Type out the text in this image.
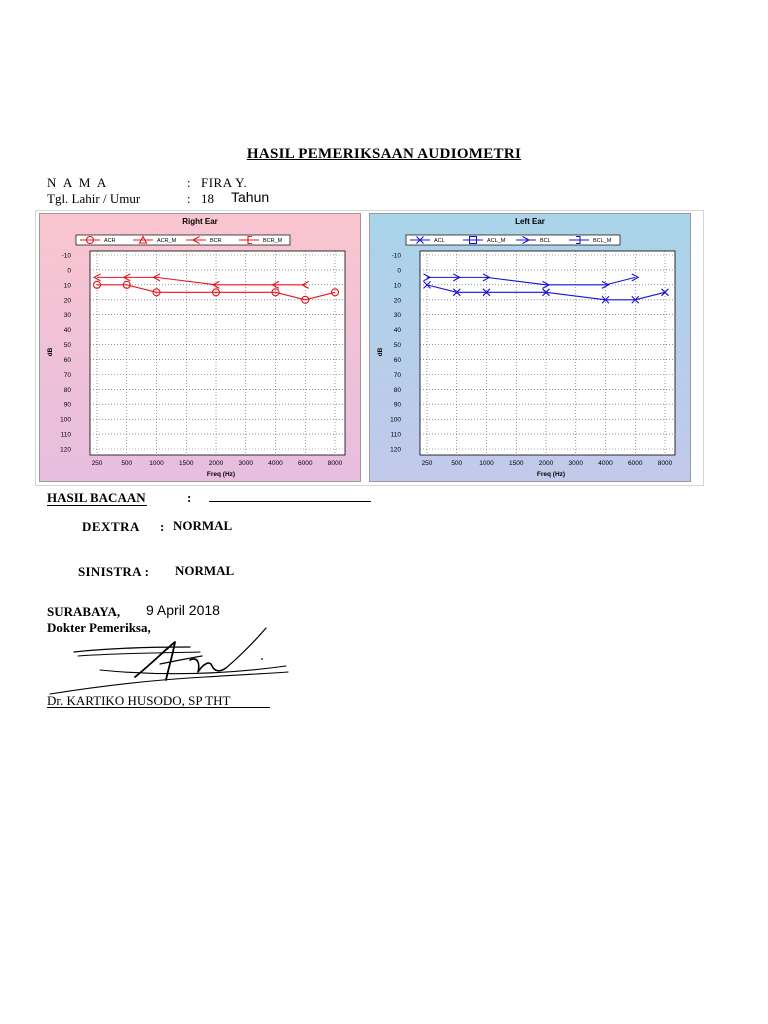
HASIL PEMERIKSAAN AUDIOMETRI
N A M A	: FIRA Y.
Tgl. Lahir / Umur	: 18 Tahun
Right Ear
-10
0
10
20
30
40
50
60
70
80
90
100
110
120
250	500	1000 1500 2000 3000 4000 6000 8000
Freq (Hz)
dB
ACR	ACR_M	BCR	BCR_M
Left Ear
-10
0
10
20
30
40
50
60
70
80
90
100
110
120
250	500	1000 1500 2000 3000 4000 6000 8000
Freq (Hz)
dB
ACL	ACL_M	BCL	BCL_M
HASIL BACAAN	:
DEXTRA : NORMAL
SINISTRA : NORMAL
SURABAYA, 9 April 2018
Dokter Pemeriksa,
Dr. KARTIKO HUSODO, SP THT
